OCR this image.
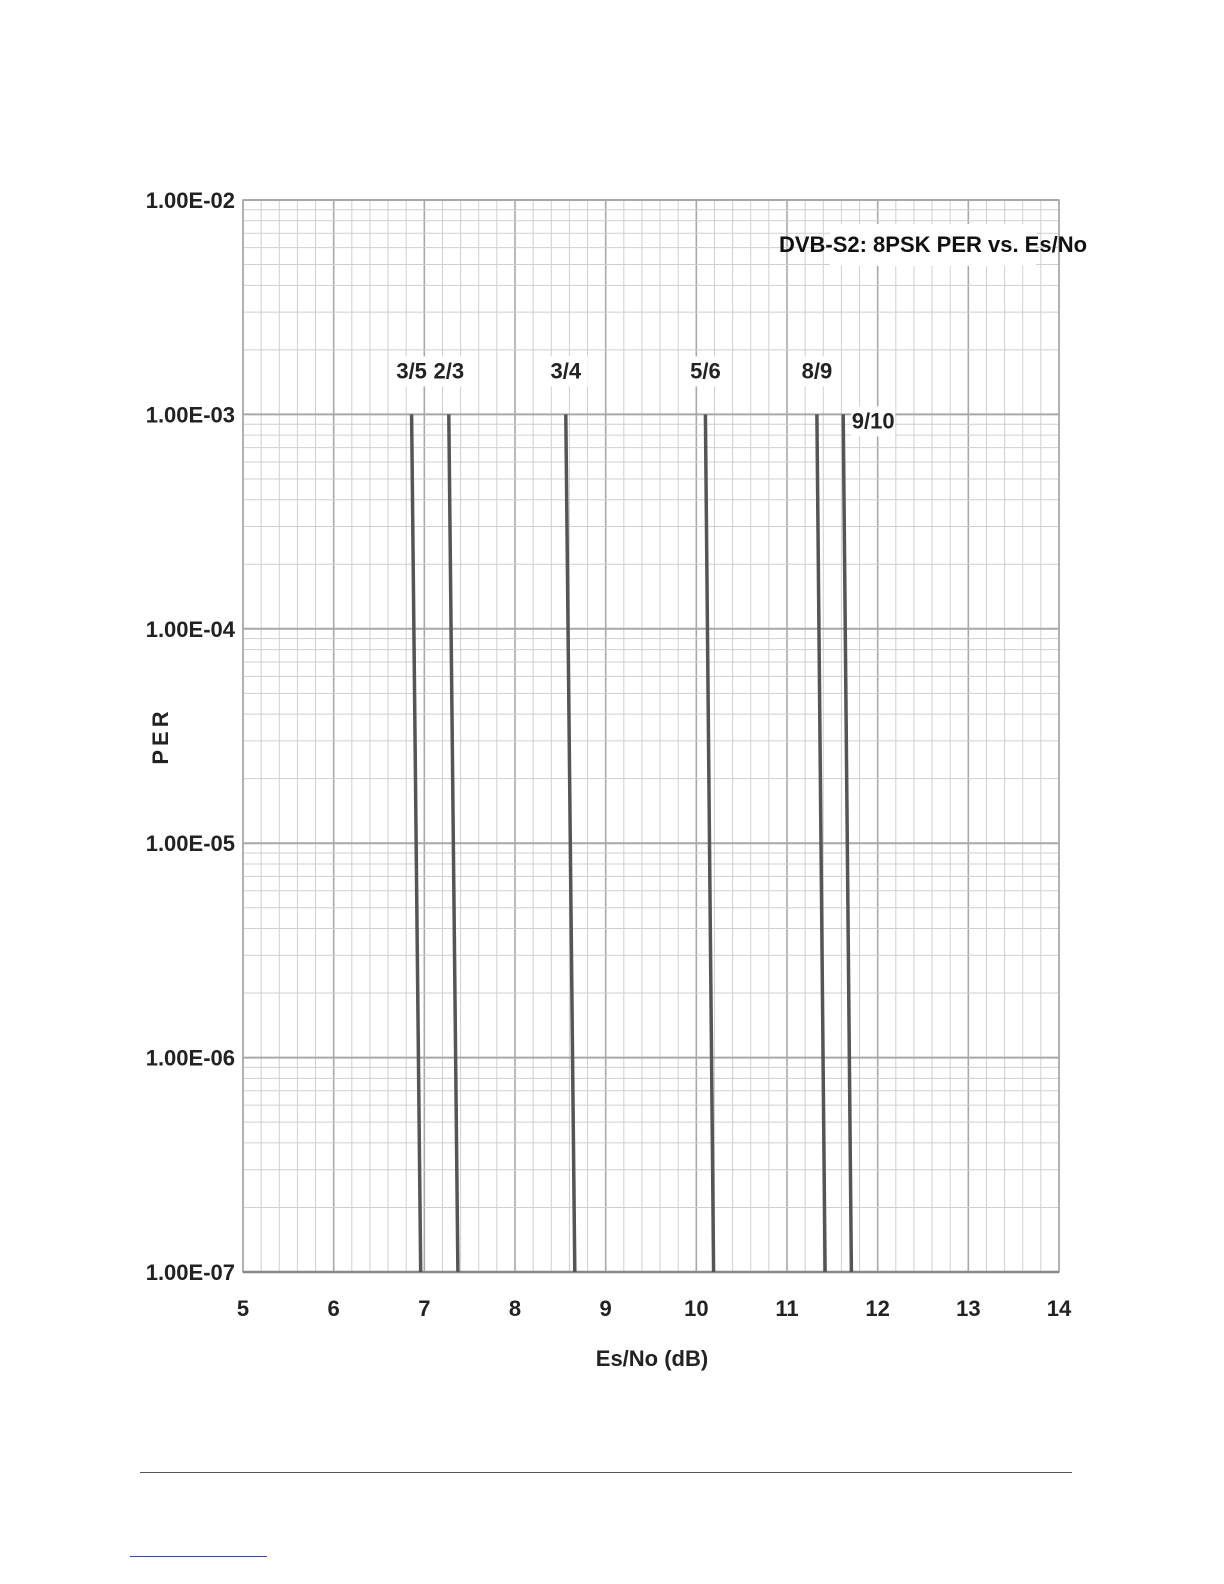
5	6	7	8	9	10	11	12	13	14
1.00E-07
1.00E-06
1.00E-05
1.00E-04
1.00E-03
1.00E-02
3/5 2/3	3/4	5/6	8/9
9/10
DVB-S2: 8PSK PER vs. Es/No
Es/No (dB)
PER
